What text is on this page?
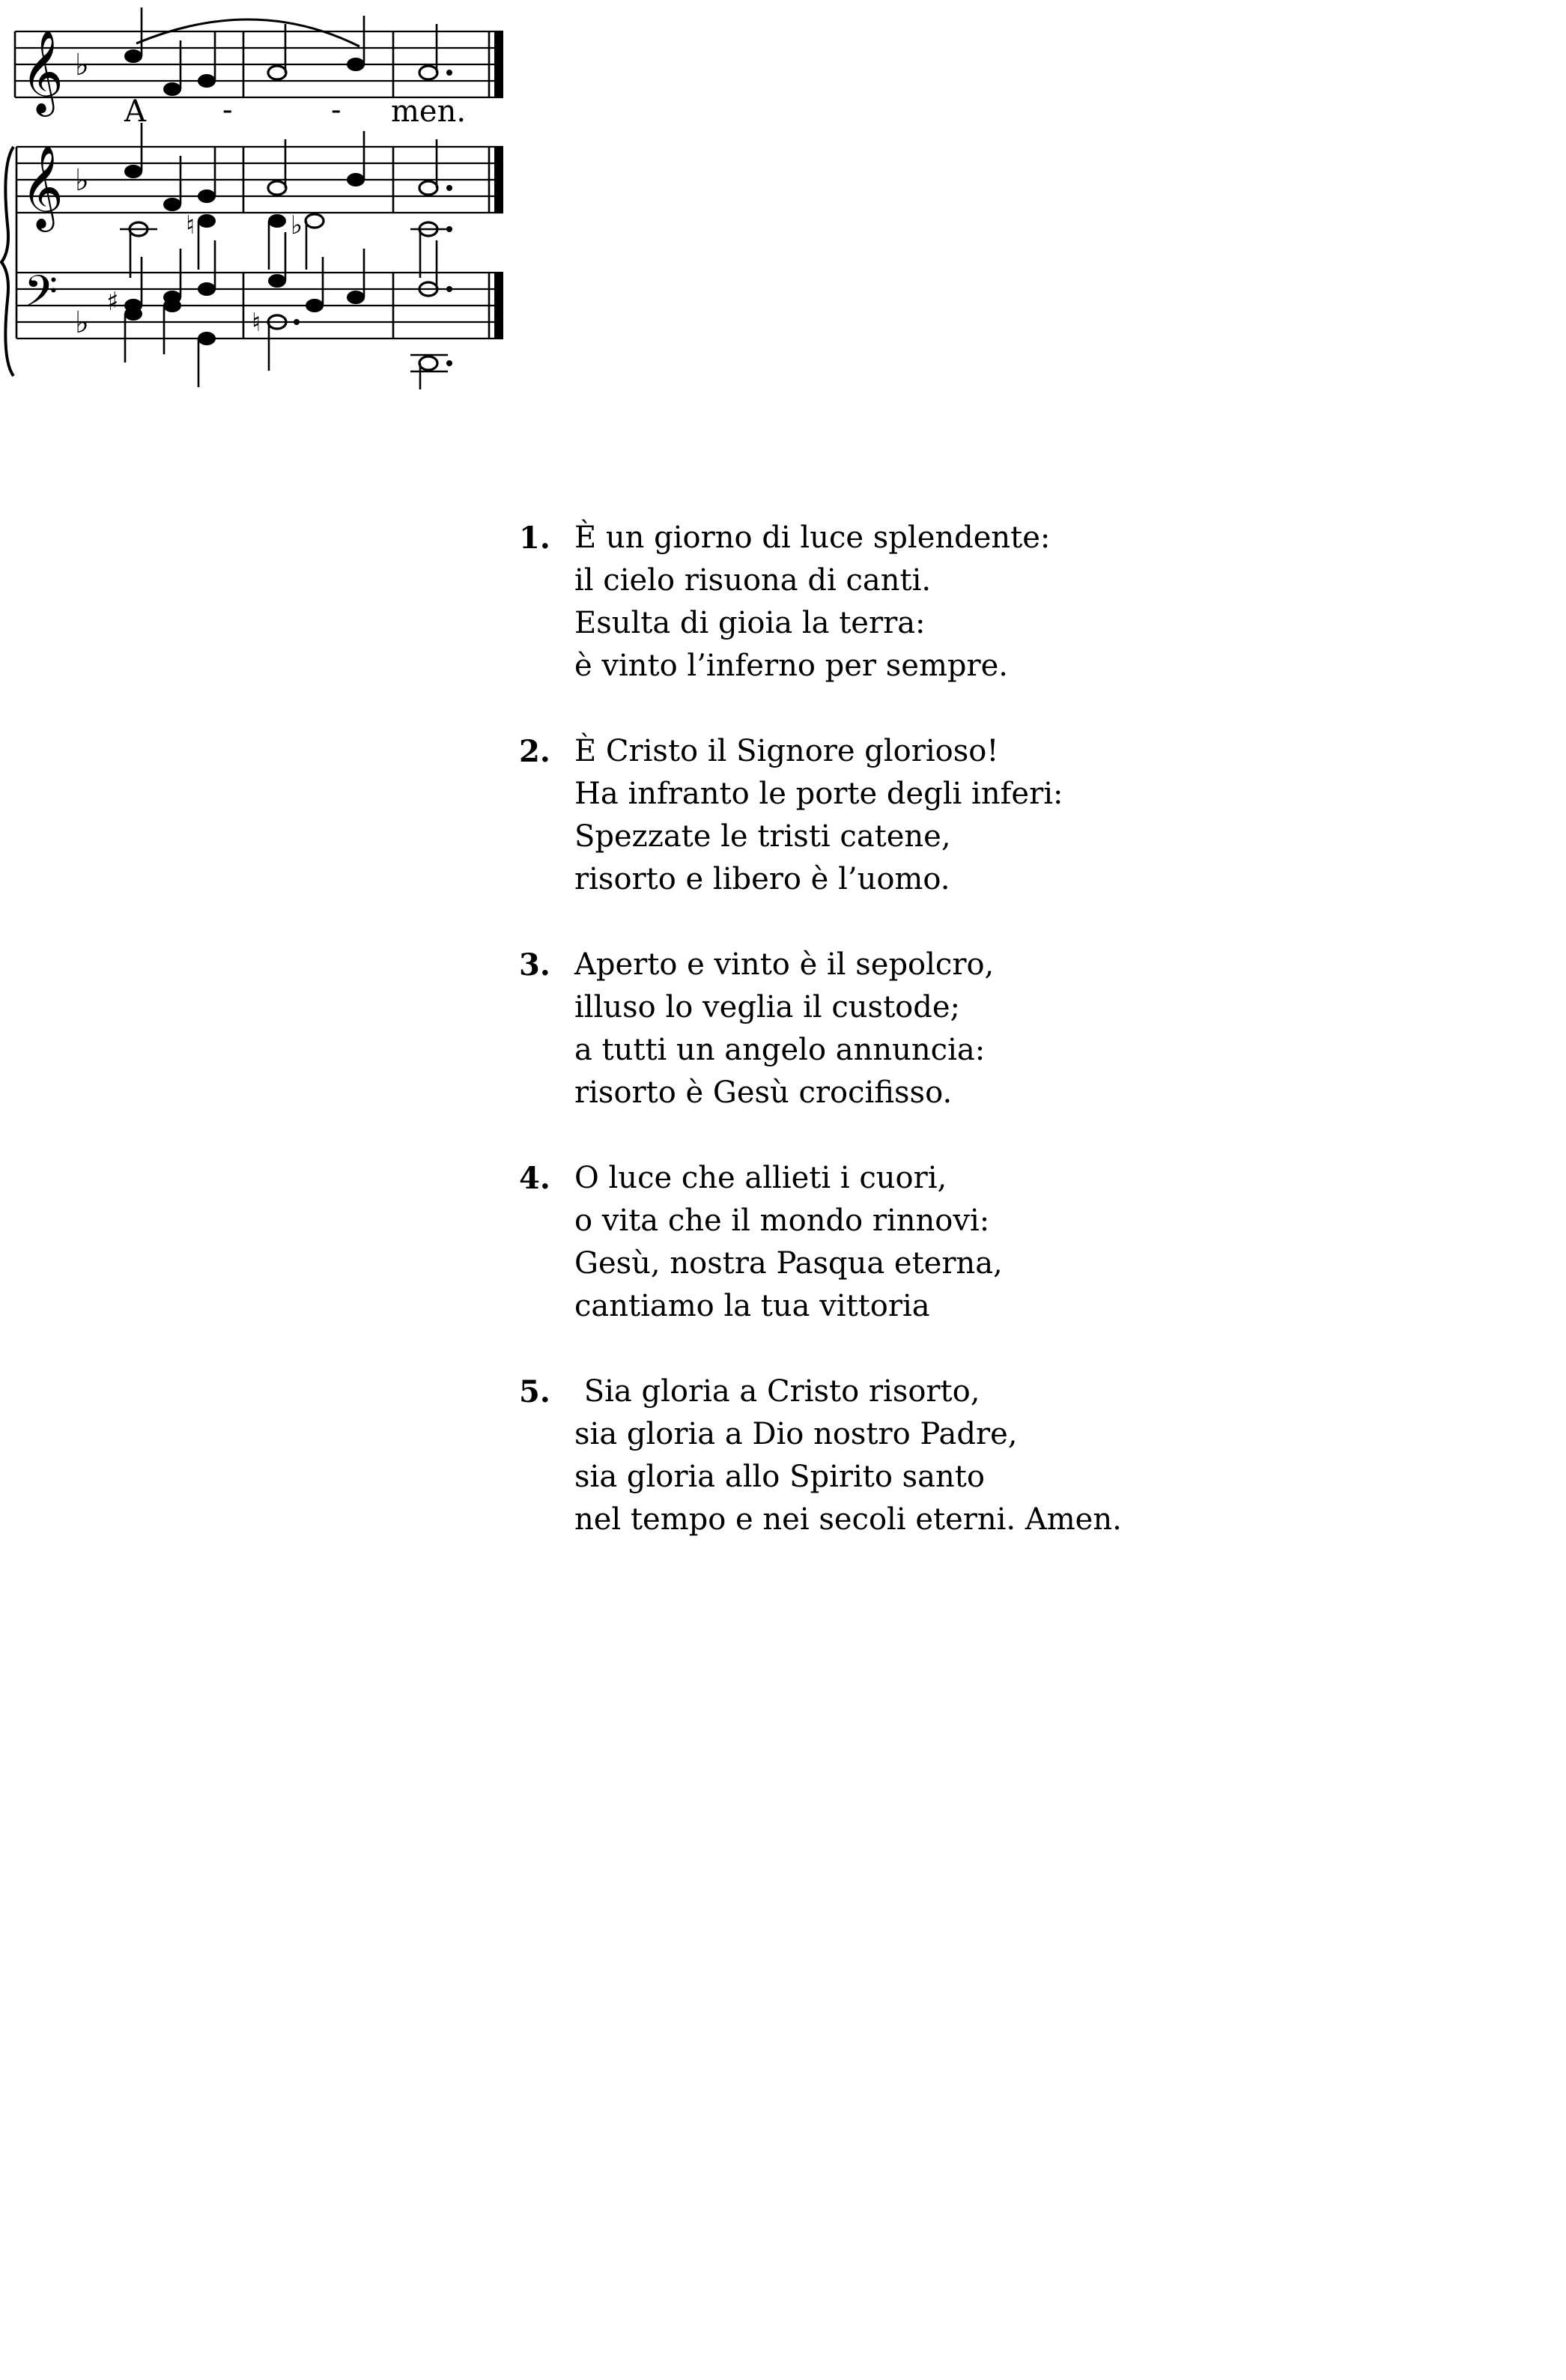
𝄞 ♭
A	-	- men.
𝄞 ♭
♮	♭
𝄢 ♭
♯
♮
1. È un giorno di luce splendente:
il cielo risuona di canti.
Esulta di gioia la terra:
è vinto l’inferno per sempre.
2. È Cristo il Signore glorioso!
Ha infranto le porte degli inferi:
Spezzate le tristi catene,
risorto e libero è l’uomo.
3. Aperto e vinto è il sepolcro,
illuso lo veglia il custode;
a tutti un angelo annuncia:
risorto è Gesù crocifisso.
4. O luce che allieti i cuori,
o vita che il mondo rinnovi:
Gesù, nostra Pasqua eterna,
cantiamo la tua vittoria
5. Sia gloria a Cristo risorto,
sia gloria a Dio nostro Padre,
sia gloria allo Spirito santo
nel tempo e nei secoli eterni. Amen.
